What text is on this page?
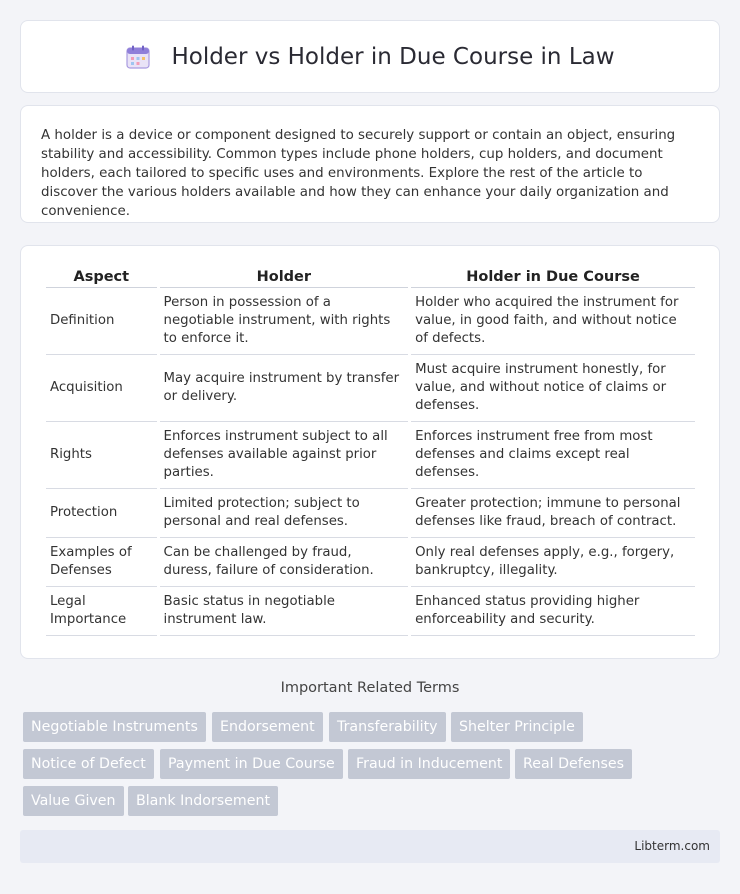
Holder vs Holder in Due Course in Law

A holder is a device or component designed to securely support or contain an object, ensuring stability and accessibility. Common types include phone holders, cup holders, and document holders, each tailored to specific uses and environments. Explore the rest of the article to discover the various holders available and how they can enhance your daily organization and convenience.

Aspect	Holder	Holder in Due Course
Definition	Person in possession of a negotiable instrument, with rights to enforce it.	Holder who acquired the instrument for value, in good faith, and without notice of defects.
Acquisition	May acquire instrument by transfer or delivery.	Must acquire instrument honestly, for value, and without notice of claims or defenses.
Rights	Enforces instrument subject to all defenses available against prior parties.	Enforces instrument free from most defenses and claims except real defenses.
Protection	Limited protection; subject to personal and real defenses.	Greater protection; immune to personal defenses like fraud, breach of contract.
Examples of Defenses	Can be challenged by fraud, duress, failure of consideration.	Only real defenses apply, e.g., forgery, bankruptcy, illegality.
Legal Importance	Basic status in negotiable instrument law.	Enhanced status providing higher enforceability and security.
Important Related Terms
Negotiable Instruments	Endorsement	Transferability	Shelter Principle
Notice of Defect	Payment in Due Course	Fraud in Inducement	Real Defenses
Value Given	Blank Indorsement
Libterm.com
